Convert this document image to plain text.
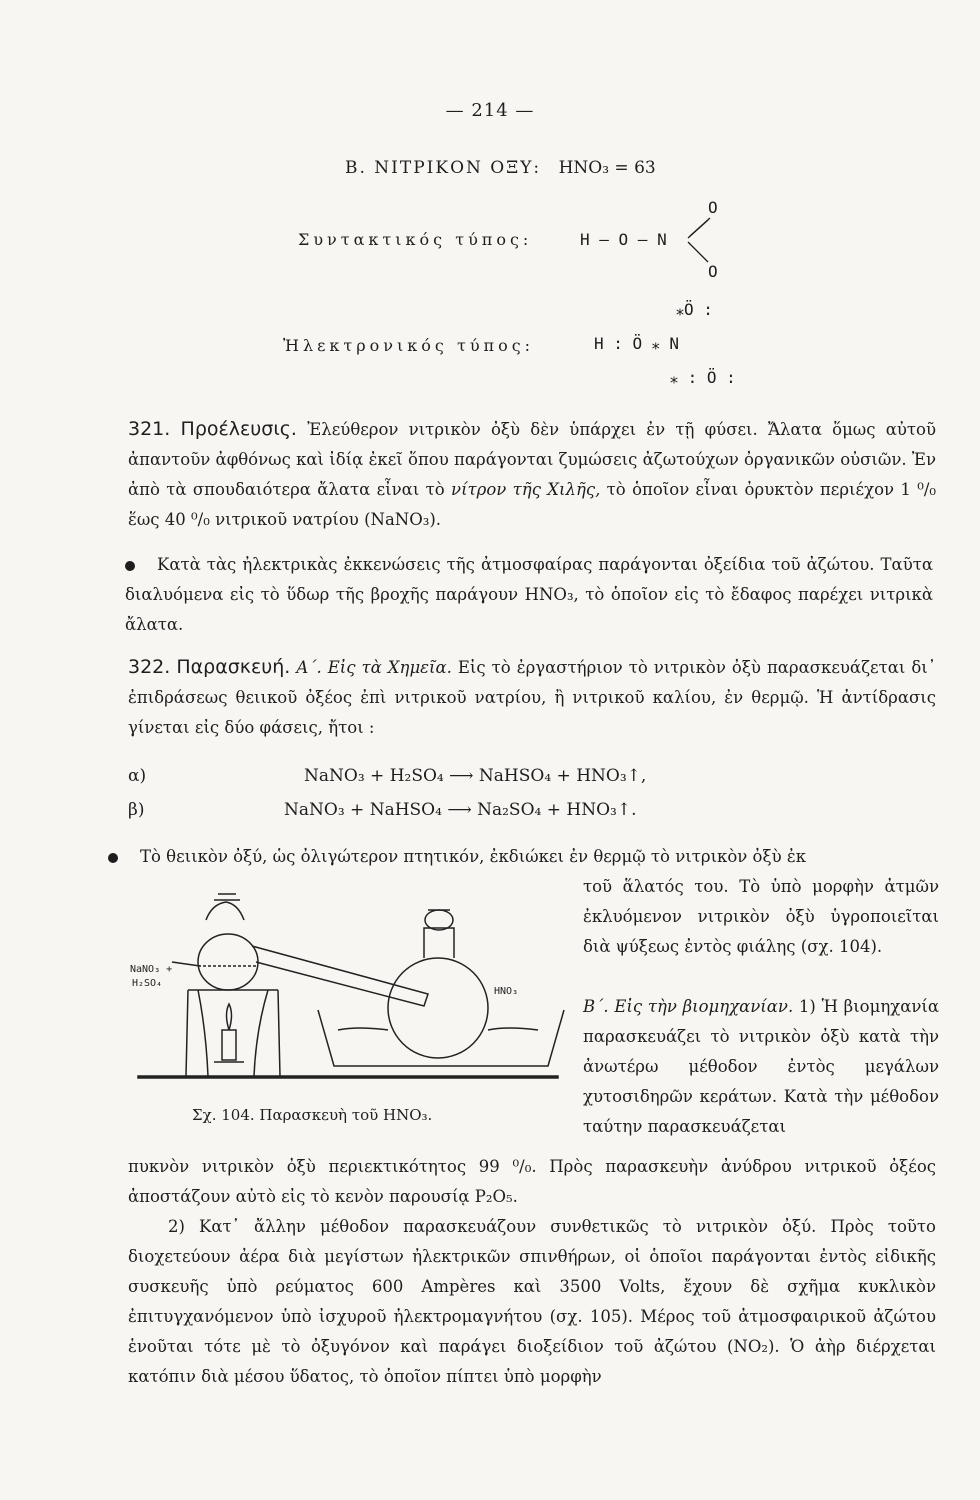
— 214 —
B. ΝΙΤΡΙΚΟΝ ΟΞΥ: HNO₃ = 63
Συντακτικός τύπος:	H — O — N
O
O
⁎Ö :
Ἠλεκτρονικός τύπος:	H : Ö ⁎ N
⁎ : Ö :
321. Προέλευσις. Ἐλεύθερον νιτρικὸν ὀξὺ δὲν ὑπάρχει ἐν τῇ φύσει. Ἄλατα ὅμως αὐτοῦ ἀπαντοῦν ἀφθόνως καὶ ἰδίᾳ ἐκεῖ ὅπου παράγονται ζυμώσεις ἀζωτούχων ὀργανικῶν οὐσιῶν. Ἐν ἀπὸ τὰ σπουδαιότερα ἄλατα εἶναι τὸ νίτρον τῆς Χιλῆς, τὸ ὁποῖον εἶναι ὀρυκτὸν περιέχον 1 ⁰/₀ ἕως 40 ⁰/₀ νιτρικοῦ νατρίου (NaNO₃).
Κατὰ τὰς ἠλεκτρικὰς ἐκκενώσεις τῆς ἀτμοσφαίρας παράγονται ὀξείδια τοῦ ἀζώτου. Ταῦτα διαλυόμενα εἰς τὸ ὕδωρ τῆς βροχῆς παράγουν HNO₃, τὸ ὁποῖον εἰς τὸ ἔδαφος παρέχει νιτρικὰ ἄλατα.
322. Παρασκευή. Α΄. Εἰς τὰ Χημεῖα. Εἰς τὸ ἐργαστήριον τὸ νιτρικὸν ὀξὺ παρασκευάζεται δι᾽ ἐπιδράσεως θειικοῦ ὀξέος ἐπὶ νιτρικοῦ νατρίου, ἢ νιτρικοῦ καλίου, ἐν θερμῷ. Ἡ ἀντίδρασις γίνεται εἰς δύο φάσεις, ἤτοι :
α)	NaNO₃ + H₂SO₄ ⟶ NaHSO₄ + HNO₃↑,
β)	NaNO₃ + NaHSO₄ ⟶ Na₂SO₄ + HNO₃↑.
Τὸ θειικὸν ὀξύ, ὡς ὀλιγώτερον πτητικόν, ἐκδιώκει ἐν θερμῷ τὸ νιτρικὸν ὀξὺ ἐκ
τοῦ ἅλατός του. Τὸ ὑπὸ μορφὴν ἀτμῶν ἐκλυόμενον νιτρικὸν ὀξὺ ὑγροποιεῖται διὰ ψύξεως ἐντὸς φιάλης (σχ. 104).
Β΄. Εἰς τὴν βιομηχανίαν. 1) Ἡ βιομηχανία παρασκευάζει τὸ νιτρικὸν ὀξὺ κατὰ τὴν ἀνωτέρω μέθοδον ἐντὸς μεγάλων χυτοσιδηρῶν κεράτων. Κατὰ τὴν μέθοδον ταύτην παρασκευάζεται
NaNO₃ +
H₂SO₄
HNO₃
Σχ. 104. Παρασκευὴ τοῦ HNO₃.
πυκνὸν νιτρικὸν ὀξὺ περιεκτικότητος 99 ⁰/₀. Πρὸς παρασκευὴν ἀνύδρου νιτρικοῦ ὀξέος ἀποστάζουν αὐτὸ εἰς τὸ κενὸν παρουσίᾳ P₂O₅.
2) Κατ᾽ ἄλλην μέθοδον παρασκευάζουν συνθετικῶς τὸ νιτρικὸν ὀξύ. Πρὸς τοῦτο διοχετεύουν ἀέρα διὰ μεγίστων ἠλεκτρικῶν σπινθήρων, οἱ ὁποῖοι παράγονται ἐντὸς εἰδικῆς συσκευῆς ὑπὸ ρεύματος 600 Ampères καὶ 3500 Volts, ἔχουν δὲ σχῆμα κυκλικὸν ἐπιτυγχανόμενον ὑπὸ ἰσχυροῦ ἠλεκτρομαγνήτου (σχ. 105). Μέρος τοῦ ἀτμοσφαιρικοῦ ἀζώτου ἑνοῦται τότε μὲ τὸ ὀξυγόνον καὶ παράγει διοξείδιον τοῦ ἀζώτου (NO₂). Ὁ ἀὴρ διέρχεται κατόπιν διὰ μέσου ὕδατος, τὸ ὁποῖον πίπτει ὑπὸ μορφὴν
